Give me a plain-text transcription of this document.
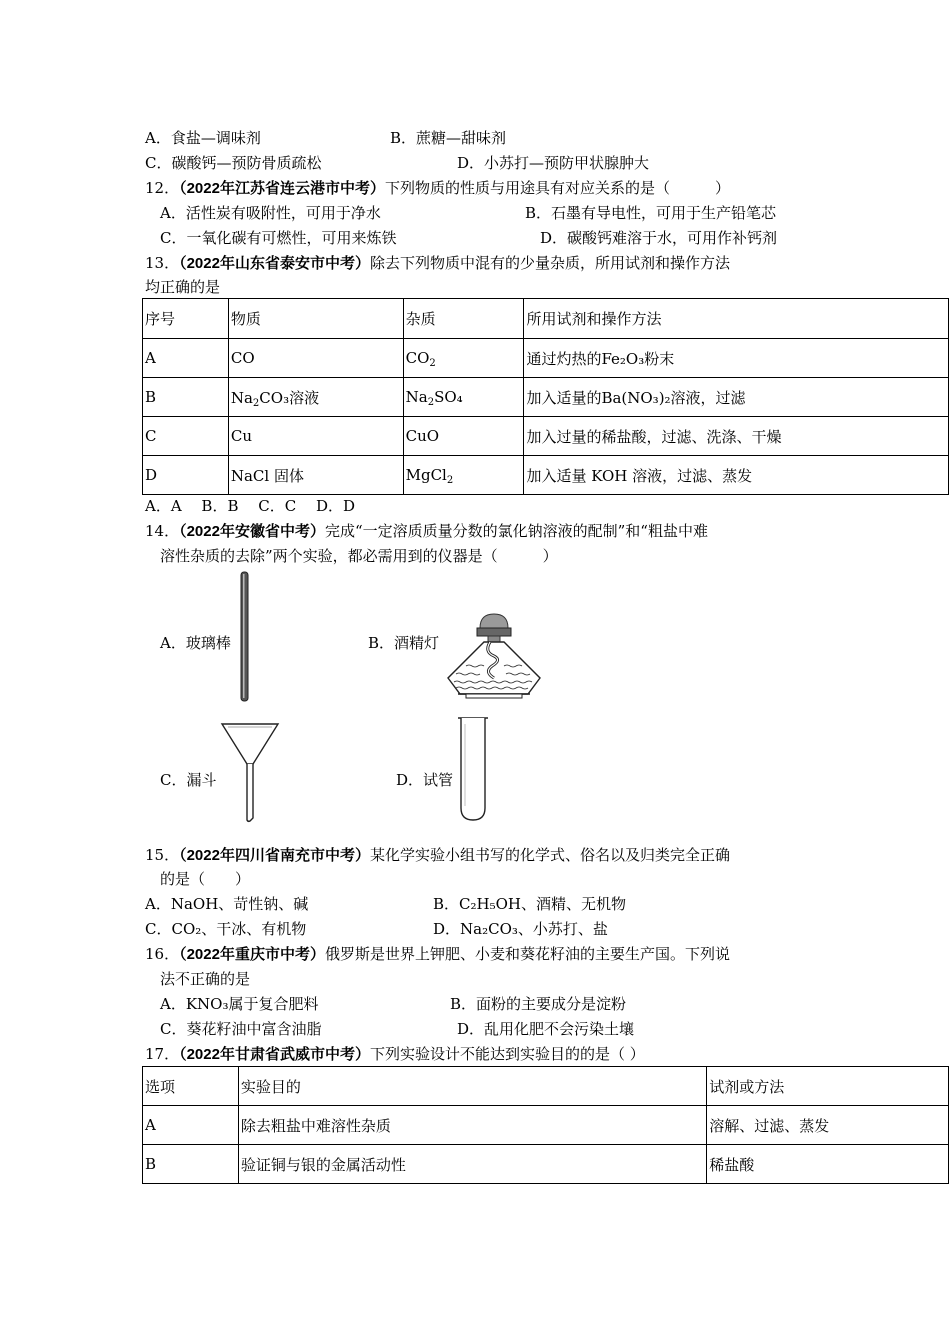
A．食盐—调味剂	B．蔗糖—甜味剂
C．碳酸钙—预防骨质疏松	D．小苏打—预防甲状腺肿大
12．（2022年江苏省连云港市中考）下列物质的性质与用途具有对应关系的是（　　　）
A．活性炭有吸附性，可用于净水	B．石墨有导电性，可用于生产铅笔芯
C．一氧化碳有可燃性，可用来炼铁	D．碳酸钙难溶于水，可用作补钙剂
13．（2022年山东省泰安市中考）除去下列物质中混有的少量杂质，所用试剂和操作方法
均正确的是
序号	物质	杂质	所用试剂和操作方法
A	CO	$CO_2$	通过灼热的Fe₂O₃粉末
B	$Na_2CO_3$溶液	$Na_2SO_4$	加入适量的Ba(NO₃)₂溶液，过滤
C	Cu	CuO	加入过量的稀盐酸，过滤、洗涤、干燥
D	NaCl 固体	MgCl$_2$	加入适量 KOH 溶液，过滤、蒸发
A．A　 B．B　 C．C　 D．D
14．（2022年安徽省中考）完成“一定溶质质量分数的氯化钠溶液的配制”和“粗盐中难
溶性杂质的去除”两个实验，都必需用到的仪器是（　　　）
A．玻璃棒	B．酒精灯
C．漏斗	D．试管
15．（2022年四川省南充市中考）某化学实验小组书写的化学式、俗名以及归类完全正确
的是（　　）
A．NaOH、苛性钠、碱	B．C₂H₅OH、酒精、无机物
C．CO₂、干冰、有机物	D．Na₂CO₃、小苏打、盐
16．（2022年重庆市中考）俄罗斯是世界上钾肥、小麦和葵花籽油的主要生产国。下列说
法不正确的是
A．KNO₃属于复合肥料	B．面粉的主要成分是淀粉
C．葵花籽油中富含油脂	D．乱用化肥不会污染土壤
17．（2022年甘肃省武威市中考）下列实验设计不能达到实验目的的是（ ）
选项	实验目的	试剂或方法
A	除去粗盐中难溶性杂质	溶解、过滤、蒸发
B	验证铜与银的金属活动性	稀盐酸
